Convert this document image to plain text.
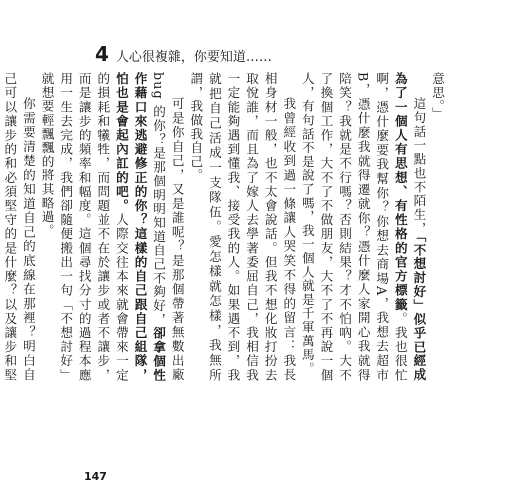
4 人心很複雜，你要知道……

意思。」

這句話一點也不陌生，「不想討好」似乎已經成為了一個人有思想、有性格的官方標籤。我也很忙啊，憑什麼要我幫你？你想去商場A，我想去超市B，憑什麼我就得遷就你？憑什麼人家開心我就得陪笑？我就是不行嗎？否則結果？才不怕吶。大不了換個工作，大不了不做朋友，大不了不再說一個人，有句話不是說了嗎，我一個人就是千軍萬馬。

我曾經收到過一條讓人哭笑不得的留言：我長相身材一般，也不太會說話。但我不想化妝打扮去取悅誰，而且為了嫁人去學著委屈自己，我相信我一定能夠遇到懂我、接受我的人。如果遇不到，我就把自己活成一支隊伍。愛怎樣就怎樣，我無所謂，我做我自己。

可是你自己，又是誰呢？是那個帶著無數出廠 bug 的你？是那個明明知道自己不夠好，卻拿個性作藉口來逃避修正的你？這樣的自己跟自己組隊，怕也是會起內訌的吧。人際交往本來就會帶來一定的損耗和犧牲，而問題並不在於讓步或者不讓步，而是讓步的頻率和幅度。這個尋找分寸的過程本應用一生去完成，我們卻隨便搬出一句「不想討好」就想要輕飄飄的將其略過。

你需要清楚的知道自己的底線在那裡？明白自己可以讓步的和必須堅守的是什麼？以及讓步和堅

147
